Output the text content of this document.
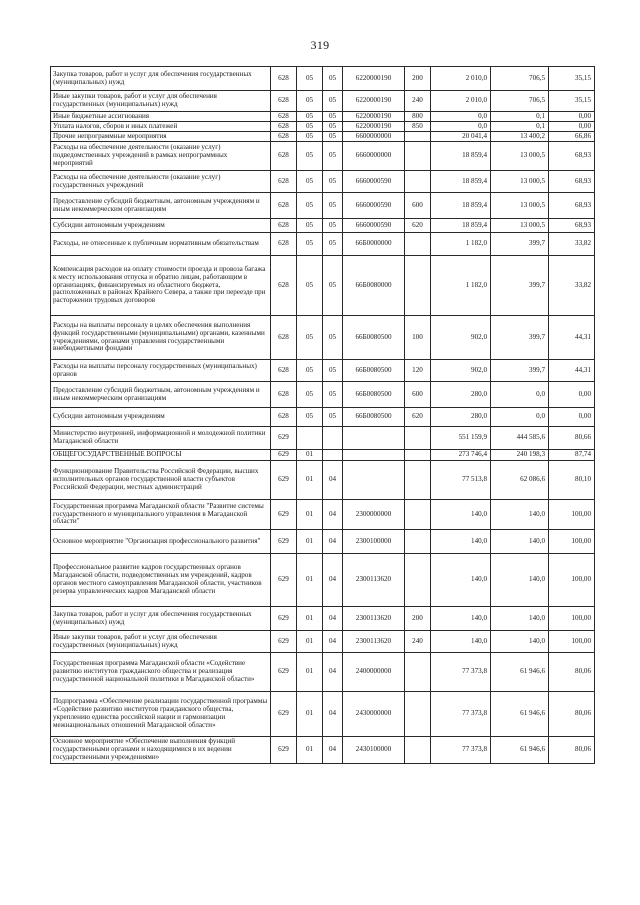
319
Закупка товаров, работ и услуг для обеспечения государственных (муниципальных) нужд	628	05	05	6220000190	200	2 010,0	706,5	35,15
Иные закупки товаров, работ и услуг для обеспечения государственных (муниципальных) нужд	628	05	05	6220000190	240	2 010,0	706,5	35,15
Иные бюджетные ассигнования	628	05	05	6220000190	800	0,0	0,1	0,00
Уплата налогов, сборов и иных платежей	628	05	05	6220000190	850	0,0	0,1	0,00
Прочие непрограммные мероприятия	628	05	05	6600000000		20 041,4	13 400,2	66,86
Расходы на обеспечение деятельности (оказание услуг) подведомственных учреждений в рамках непрограммных мероприятий	628	05	05	6660000000		18 859,4	13 000,5	68,93
Расходы на обеспечение деятельности (оказание услуг) государственных учреждений	628	05	05	6660000590		18 859,4	13 000,5	68,93
Предоставление субсидий бюджетным, автономным учреждениям и иным некоммерческим организациям	628	05	05	6660000590	600	18 859,4	13 000,5	68,93
Субсидии автономным учреждениям	628	05	05	6660000590	620	18 859,4	13 000,5	68,93
Расходы, не отнесенные к публичным нормативным обязательствам	628	05	05	66Б0000000		1 182,0	399,7	33,82
Компенсация расходов на оплату стоимости проезда и провоза багажа к месту использования отпуска и обратно лицам, работающим в организациях, финансируемых из областного бюджета, расположенных в районах Крайнего Севера, а также при переезде при расторжении трудовых договоров	628	05	05	66Б0080000		1 182,0	399,7	33,82
Расходы на выплаты персоналу в целях обеспечения выполнения функций государственными (муниципальными) органами, казенными учреждениями, органами управления государственными внебюджетными фондами	628	05	05	66Б0080500	100	902,0	399,7	44,31
Расходы на выплаты персоналу государственных (муниципальных) органов	628	05	05	66Б0080500	120	902,0	399,7	44,31
Предоставление субсидий бюджетным, автономным учреждениям и иным некоммерческим организациям	628	05	05	66Б0080500	600	280,0	0,0	0,00
Субсидии автономным учреждениям	628	05	05	66Б0080500	620	280,0	0,0	0,00
Министерство внутренней, информационной и молодежной политики Магаданской области	629					551 159,9	444 585,6	80,66
ОБЩЕГОСУДАРСТВЕННЫЕ ВОПРОСЫ	629	01				273 746,4	240 198,3	87,74
Функционирование Правительства Российской Федерации, высших исполнительных органов государственной власти субъектов Российской Федерации, местных администраций	629	01	04			77 513,8	62 086,6	80,10
Государственная программа Магаданской области "Развитие системы государственного и муниципального управления в Магаданской области"	629	01	04	2300000000		140,0	140,0	100,00
Основное мероприятие "Организация профессионального развития"	629	01	04	2300100000		140,0	140,0	100,00
Профессиональное развитие кадров государственных органов Магаданской области, подведомственных им учреждений, кадров органов местного самоуправления Магаданской области, участников резерва управленческих кадров Магаданской области	629	01	04	2300113620		140,0	140,0	100,00
Закупка товаров, работ и услуг для обеспечения государственных (муниципальных) нужд	629	01	04	2300113620	200	140,0	140,0	100,00
Иные закупки товаров, работ и услуг для обеспечения государственных (муниципальных) нужд	629	01	04	2300113620	240	140,0	140,0	100,00
Государственная программа Магаданской области «Содействие развитию институтов гражданского общества и реализация государственной национальной политики в Магаданской области»	629	01	04	2400000000		77 373,8	61 946,6	80,06
Подпрограмма «Обеспечение реализации государственной программы «Содействие развитию институтов гражданского общества, укреплению единства российской нации и гармонизации межнациональных отношений Магаданской области»	629	01	04	2430000000		77 373,8	61 946,6	80,06
Основное мероприятие «Обеспечение выполнения функций государственными органами и находящимися в их ведении государственными учреждениями»	629	01	04	2430100000		77 373,8	61 946,6	80,06
